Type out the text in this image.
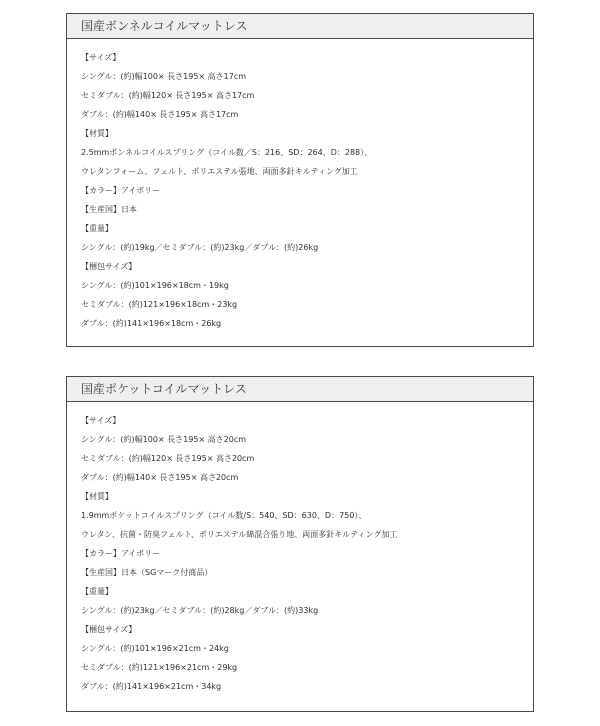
国産ボンネルコイルマットレス
【サイズ】
シングル：(約)幅100× 長さ195× 高さ17cm
セミダブル：(約)幅120× 長さ195× 高さ17cm
ダブル：(約)幅140× 長さ195× 高さ17cm
【材質】
2.5mmボンネルコイルスプリング（コイル数／S：216、SD：264、D：288）、
ウレタンフォーム、フェルト、ポリエステル張地、両面多針キルティング加工
【カラー】アイボリー
【生産国】日本
【重量】
シングル：(約)19kg／セミダブル：(約)23kg／ダブル：(約)26kg
【梱包サイズ】
シングル：(約)101×196×18cm・19kg
セミダブル：(約)121×196×18cm・23kg
ダブル：(約)141×196×18cm・26kg
国産ポケットコイルマットレス
【サイズ】
シングル：(約)幅100× 長さ195× 高さ20cm
セミダブル：(約)幅120× 長さ195× 高さ20cm
ダブル：(約)幅140× 長さ195× 高さ20cm
【材質】
1.9mmポケットコイルスプリング（コイル数/S：540、SD：630、D：750）、
ウレタン、抗菌・防臭フェルト、ポリエステル綿混合張り地、両面多針キルティング加工
【カラー】アイボリー
【生産国】日本（SGマーク付商品）
【重量】
シングル：(約)23kg／セミダブル：(約)28kg／ダブル：(約)33kg
【梱包サイズ】
シングル：(約)101×196×21cm・24kg
セミダブル：(約)121×196×21cm・29kg
ダブル：(約)141×196×21cm・34kg
